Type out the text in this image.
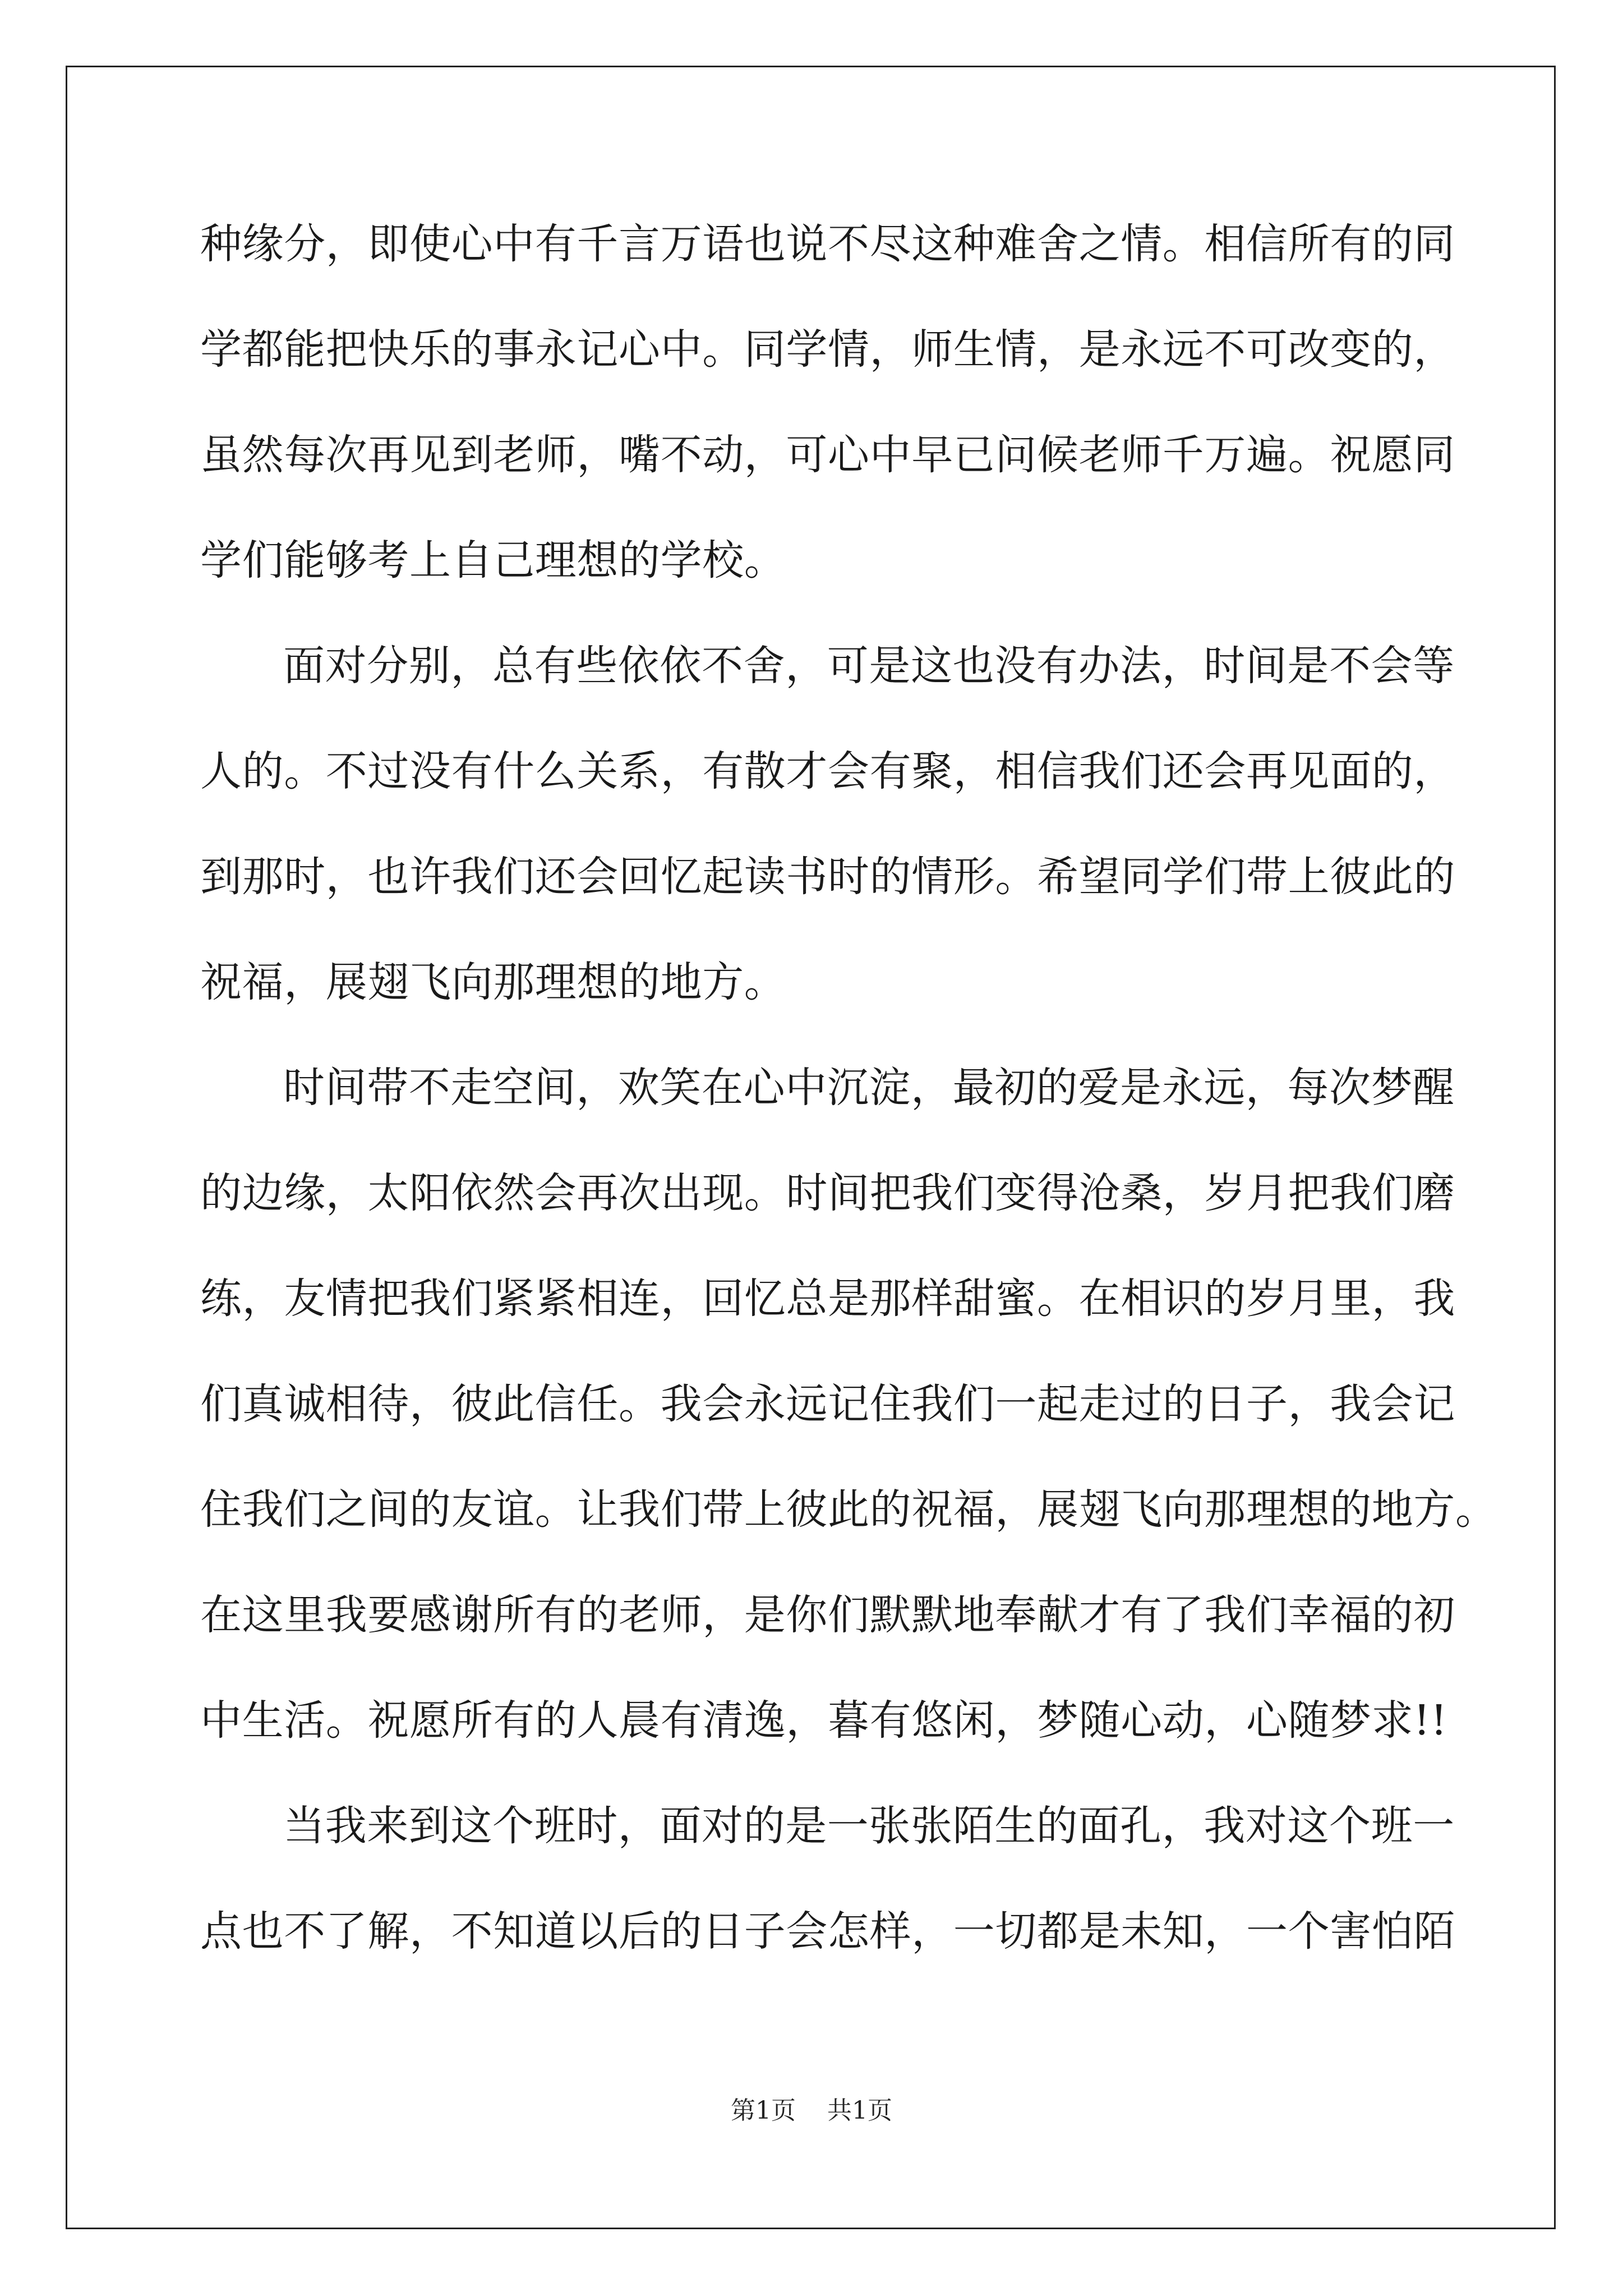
种缘分，即使心中有千言万语也说不尽这种难舍之情。相信所有的同
学都能把快乐的事永记心中。同学情，师生情，是永远不可改变的，
虽然每次再见到老师，嘴不动，可心中早已问候老师千万遍。祝愿同
学们能够考上自己理想的学校。
面对分别，总有些依依不舍，可是这也没有办法，时间是不会等
人的。不过没有什么关系，有散才会有聚，相信我们还会再见面的，
到那时，也许我们还会回忆起读书时的情形。希望同学们带上彼此的
祝福，展翅飞向那理想的地方。
时间带不走空间，欢笑在心中沉淀，最初的爱是永远，每次梦醒
的边缘，太阳依然会再次出现。时间把我们变得沧桑，岁月把我们磨
练，友情把我们紧紧相连，回忆总是那样甜蜜。在相识的岁月里，我
们真诚相待，彼此信任。我会永远记住我们一起走过的日子，我会记
住我们之间的友谊。让我们带上彼此的祝福，展翅飞向那理想的地方。
在这里我要感谢所有的老师，是你们默默地奉献才有了我们幸福的初
中生活。祝愿所有的人晨有清逸，暮有悠闲，梦随心动，心随梦求!!
当我来到这个班时，面对的是一张张陌生的面孔，我对这个班一
点也不了解，不知道以后的日子会怎样，一切都是未知，一个害怕陌
第1页 共1页
